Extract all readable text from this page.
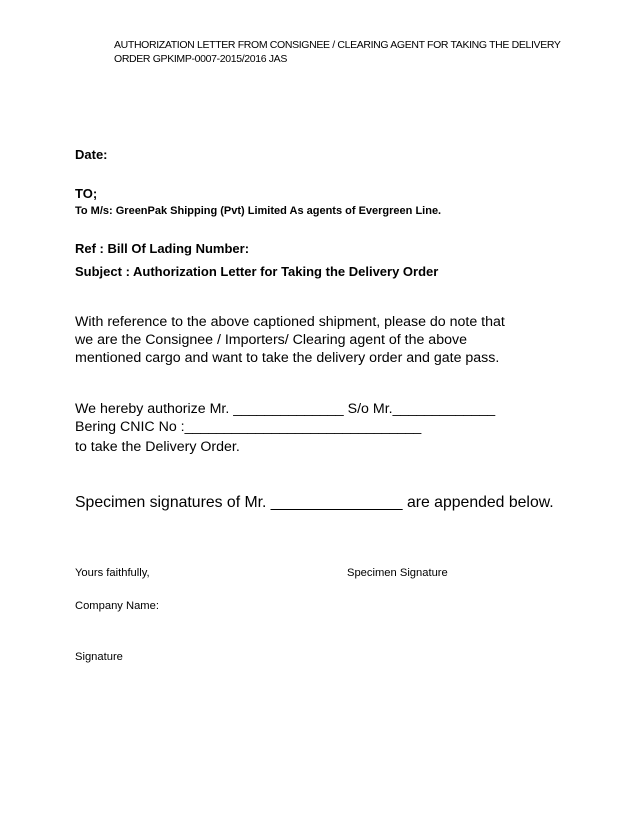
AUTHORIZATION LETTER FROM CONSIGNEE / CLEARING AGENT FOR TAKING THE DELIVERY
ORDER GPKIMP-0007-2015/2016 JAS
Date:
TO;
To M/s: GreenPak Shipping (Pvt) Limited As agents of Evergreen Line.
Ref : Bill Of Lading Number:
Subject : Authorization Letter for Taking the Delivery Order
With reference to the above captioned shipment, please do note that
we are the Consignee / Importers/ Clearing agent of the above
mentioned cargo and want to take the delivery order and gate pass.
We hereby authorize Mr. ______________ S/o Mr._____________
Bering CNIC No :______________________________
to take the Delivery Order.
Specimen signatures of Mr. _______________ are appended below.
Yours faithfully,	Specimen Signature
Company Name:
Signature
